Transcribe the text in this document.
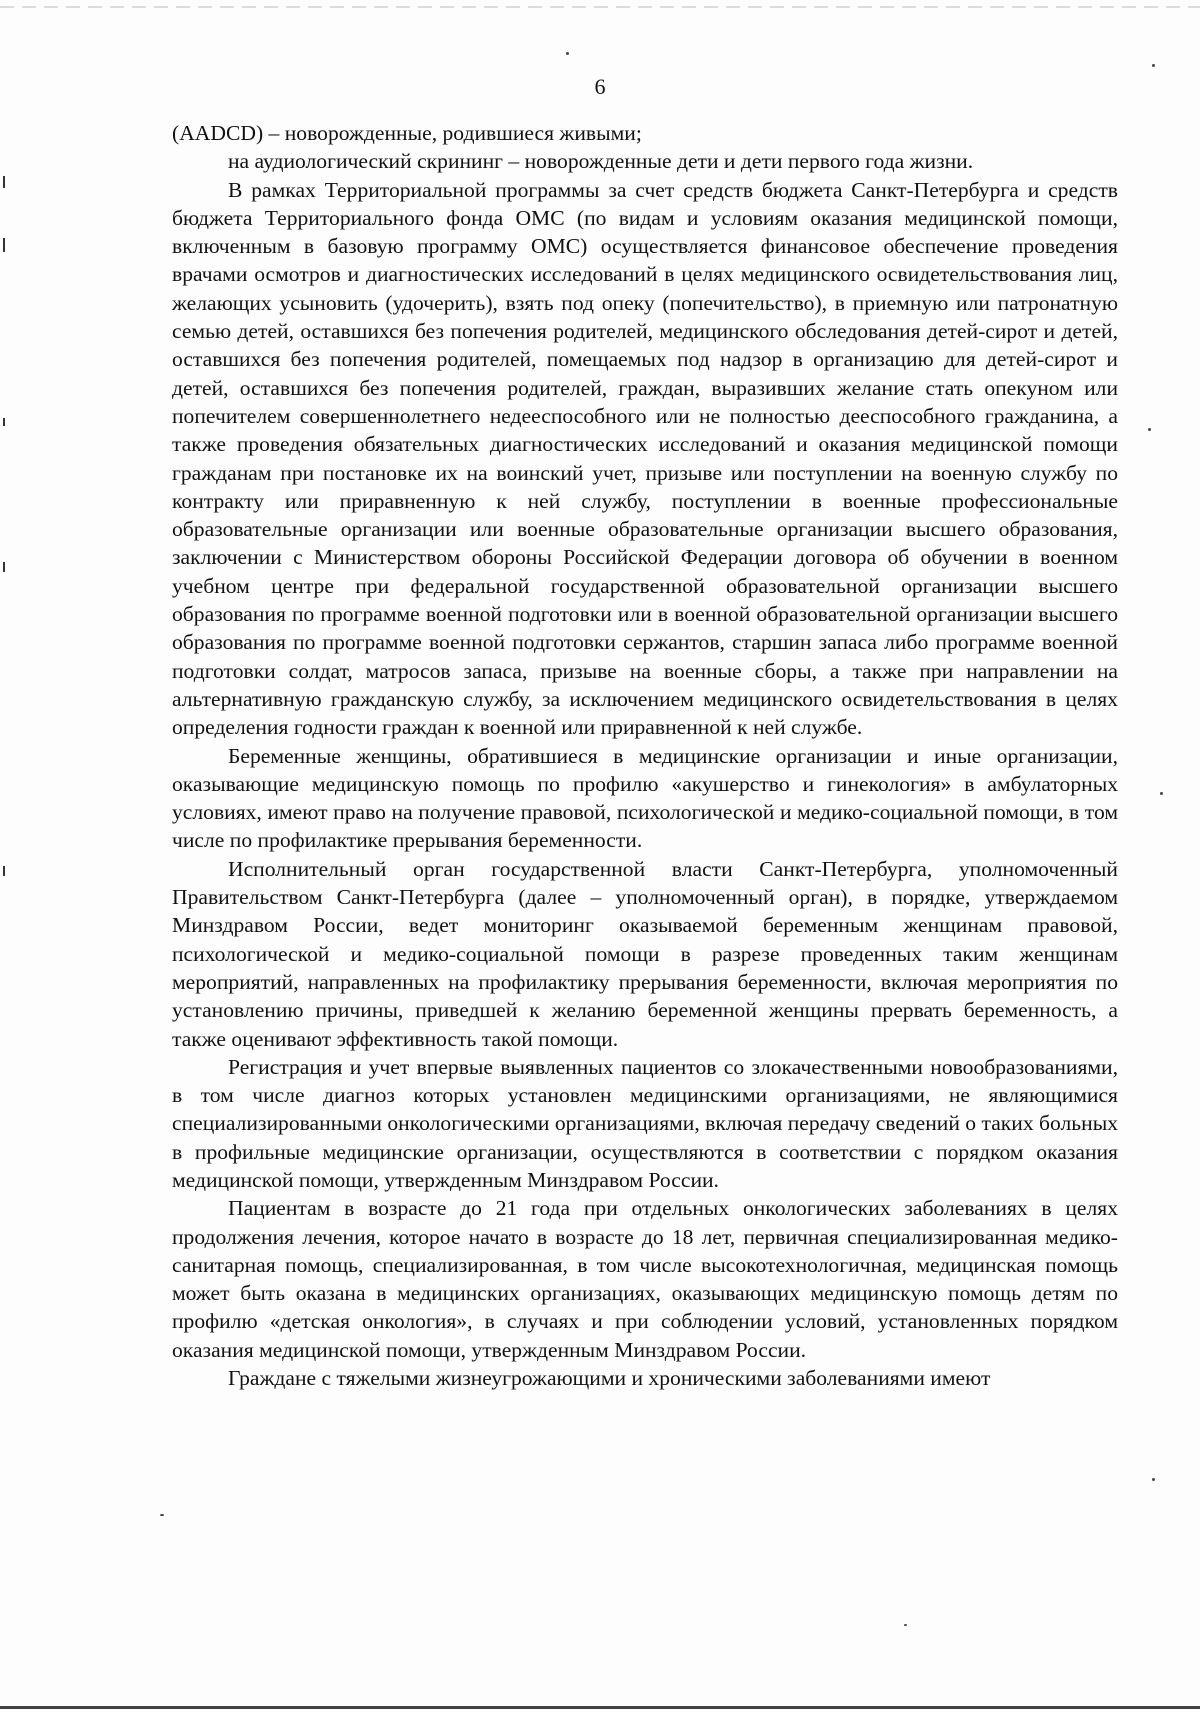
6

(AADCD) – новорожденные, родившиеся живыми;

на аудиологический скрининг – новорожденные дети и дети первого года жизни.

В рамках Территориальной программы за счет средств бюджета Санкт-Петербурга и средств бюджета Территориального фонда ОМС (по видам и условиям оказания медицинской помощи, включенным в базовую программу ОМС) осуществляется финансовое обеспечение проведения врачами осмотров и диагностических исследований в целях медицинского освидетельствования лиц, желающих усыновить (удочерить), взять под опеку (попечительство), в приемную или патронатную семью детей, оставшихся без попечения родителей, медицинского обследования детей-сирот и детей, оставшихся без попечения родителей, помещаемых под надзор в организацию для детей-сирот и детей, оставшихся без попечения родителей, граждан, выразивших желание стать опекуном или попечителем совершеннолетнего недееспособного или не полностью дееспособного гражданина, а также проведения обязательных диагностических исследований и оказания медицинской помощи гражданам при постановке их на воинский учет, призыве или поступлении на военную службу по контракту или приравненную к ней службу, поступлении в военные профессиональные образовательные организации или военные образовательные организации высшего образования, заключении с Министерством обороны Российской Федерации договора об обучении в военном учебном центре при федеральной государственной образовательной организации высшего образования по программе военной подготовки или в военной образовательной организации высшего образования по программе военной подготовки сержантов, старшин запаса либо программе военной подготовки солдат, матросов запаса, призыве на военные сборы, а также при направлении на альтернативную гражданскую службу, за исключением медицинского освидетельствования в целях определения годности граждан к военной или приравненной к ней службе.

Беременные женщины, обратившиеся в медицинские организации и иные организации, оказывающие медицинскую помощь по профилю «акушерство и гинекология» в амбулаторных условиях, имеют право на получение правовой, психологической и медико-социальной помощи, в том числе по профилактике прерывания беременности.

Исполнительный орган государственной власти Санкт-Петербурга, уполномоченный Правительством Санкт-Петербурга (далее – уполномоченный орган), в порядке, утверждаемом Минздравом России, ведет мониторинг оказываемой беременным женщинам правовой, психологической и медико-социальной помощи в разрезе проведенных таким женщинам мероприятий, направленных на профилактику прерывания беременности, включая мероприятия по установлению причины, приведшей к желанию беременной женщины прервать беременность, а также оценивают эффективность такой помощи.

Регистрация и учет впервые выявленных пациентов со злокачественными новообразованиями, в том числе диагноз которых установлен медицинскими организациями, не являющимися специализированными онкологическими организациями, включая передачу сведений о таких больных в профильные медицинские организации, осуществляются в соответствии с порядком оказания медицинской помощи, утвержденным Минздравом России.

Пациентам в возрасте до 21 года при отдельных онкологических заболеваниях в целях продолжения лечения, которое начато в возрасте до 18 лет, первичная специализированная медико-санитарная помощь, специализированная, в том числе высокотехнологичная, медицинская помощь может быть оказана в медицинских организациях, оказывающих медицинскую помощь детям по профилю «детская онкология», в случаях и при соблюдении условий, установленных порядком оказания медицинской помощи, утвержденным Минздравом России.

Граждане с тяжелыми жизнеугрожающими и хроническими заболеваниями имеют
